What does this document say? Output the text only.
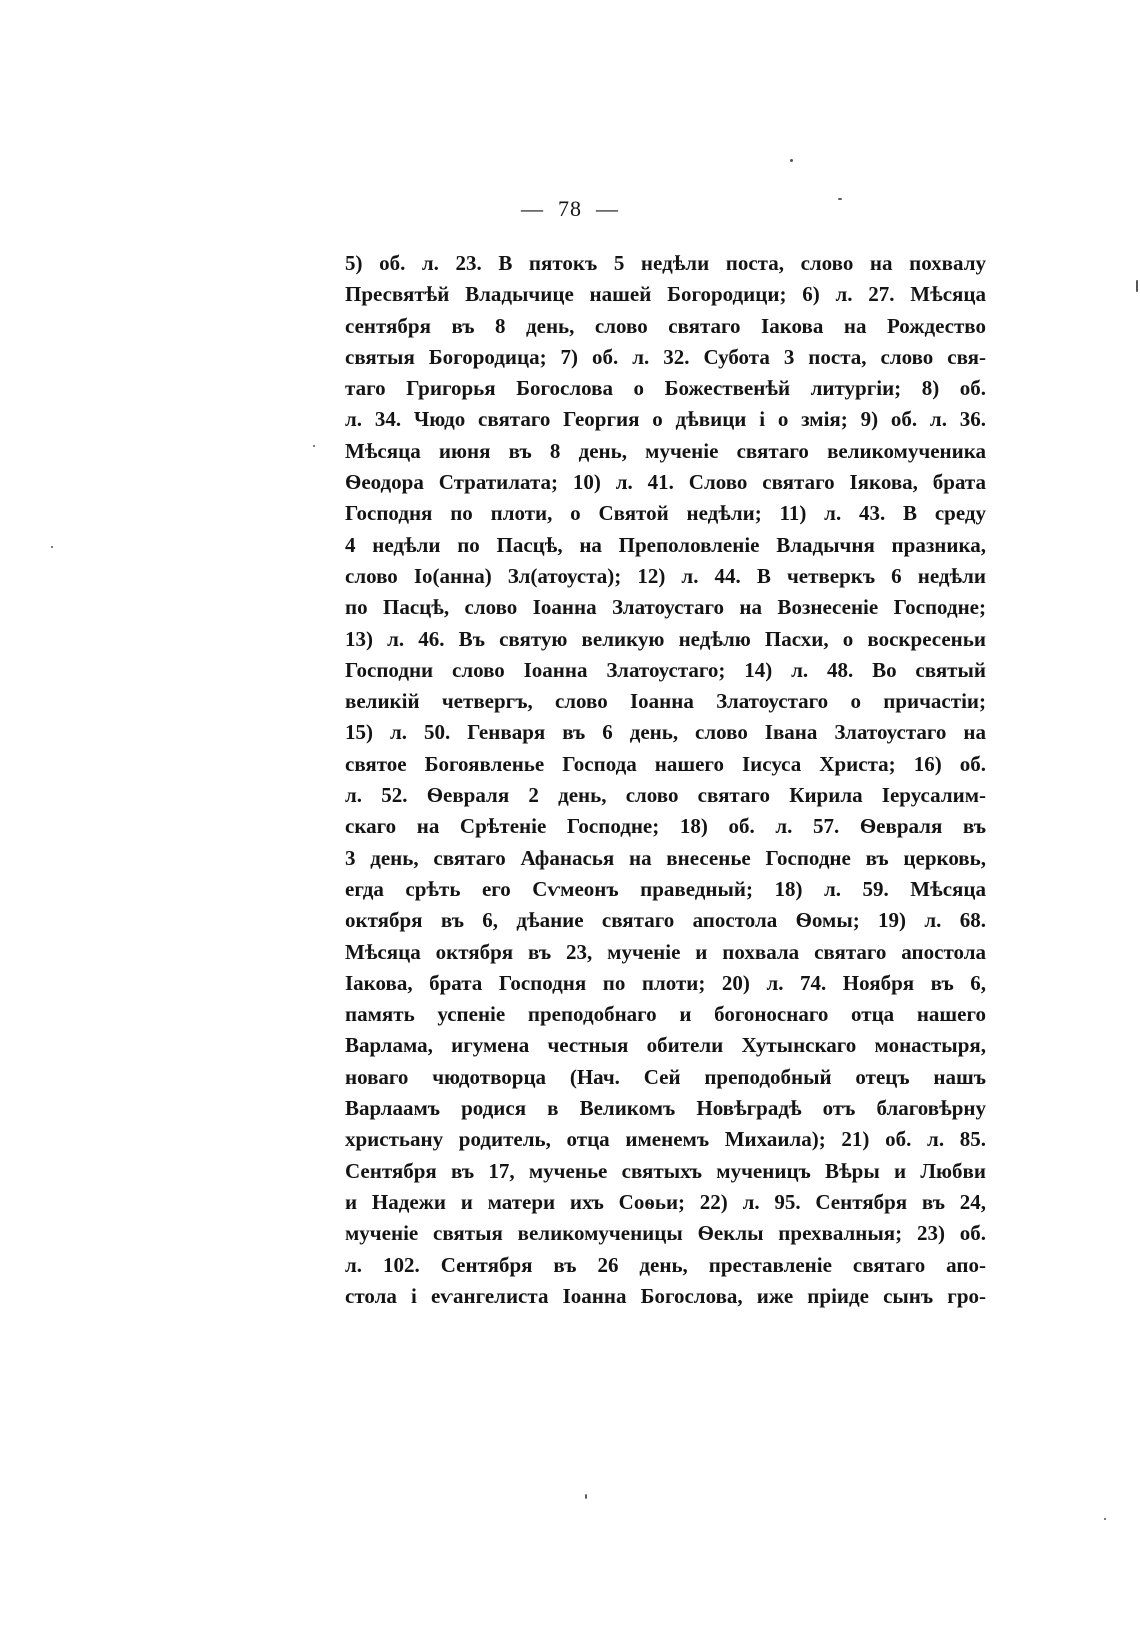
— 78 —
5) об. л. 23. В пятокъ 5 недѣли поста, слово на похвалу
Пресвятѣй Владычице нашей Богородици; 6) л. 27. Мѣсяца
сентября въ 8 день, слово святаго Іакова на Рождество
святыя Богородица; 7) об. л. 32. Субота 3 поста, слово свя-
таго Григорья Богослова о Божественѣй литургіи; 8) об.
л. 34. Чюдо святаго Георгия о дѣвици і о змія; 9) об. л. 36.
Мѣсяца июня въ 8 день, мученіе святаго великомученика
Ѳеодора Стратилата; 10) л. 41. Слово святаго Іякова, брата
Господня по плоти, о Святой недѣли; 11) л. 43. В среду
4 недѣли по Пасцѣ, на Преполовленіе Владычня празника,
слово Іо(анна) Зл(атоуста); 12) л. 44. В четверкъ 6 недѣли
по Пасцѣ, слово Іоанна Златоустаго на Вознесеніе Господне;
13) л. 46. Въ святую великую недѣлю Пасхи, о воскресеньи
Господни слово Іоанна Златоустаго; 14) л. 48. Во святый
великій четвергъ, слово Іоанна Златоустаго о причастіи;
15) л. 50. Генваря въ 6 день, слово Івана Златоустаго на
святое Богоявленье Господа нашего Іисуса Христа; 16) об.
л. 52. Ѳевраля 2 день, слово святаго Кирила Іерусалим-
скаго на Срѣтеніе Господне; 18) об. л. 57. Ѳевраля въ
3 день, святаго Афанасья на внесенье Господне въ церковь,
егда срѣть его Сѵмеонъ праведный; 18) л. 59. Мѣсяца
октября въ 6, дѣание святаго апостола Ѳомы; 19) л. 68.
Мѣсяца октября въ 23, мученіе и похвала святаго апостола
Іакова, брата Господня по плоти; 20) л. 74. Ноября въ 6,
память успеніе преподобнаго и богоноснаго отца нашего
Варлама, игумена честныя обители Хутынскаго монастыря,
новаго чюдотворца (Нач. Сей преподобный отецъ нашъ
Варлаамъ родися в Великомъ Новѣградѣ отъ благовѣрну
христьану родитель, отца именемъ Михаила); 21) об. л. 85.
Сентября въ 17, мученье святыхъ мученицъ Вѣры и Любви
и Надежи и матери ихъ Соѳьи; 22) л. 95. Сентября въ 24,
мученіе святыя великомученицы Ѳеклы прехвалныя; 23) об.
л. 102. Сентября въ 26 день, преставленіе святаго апо-
стола і еѵангелиста Іоанна Богослова, иже пріиде сынъ гро-
